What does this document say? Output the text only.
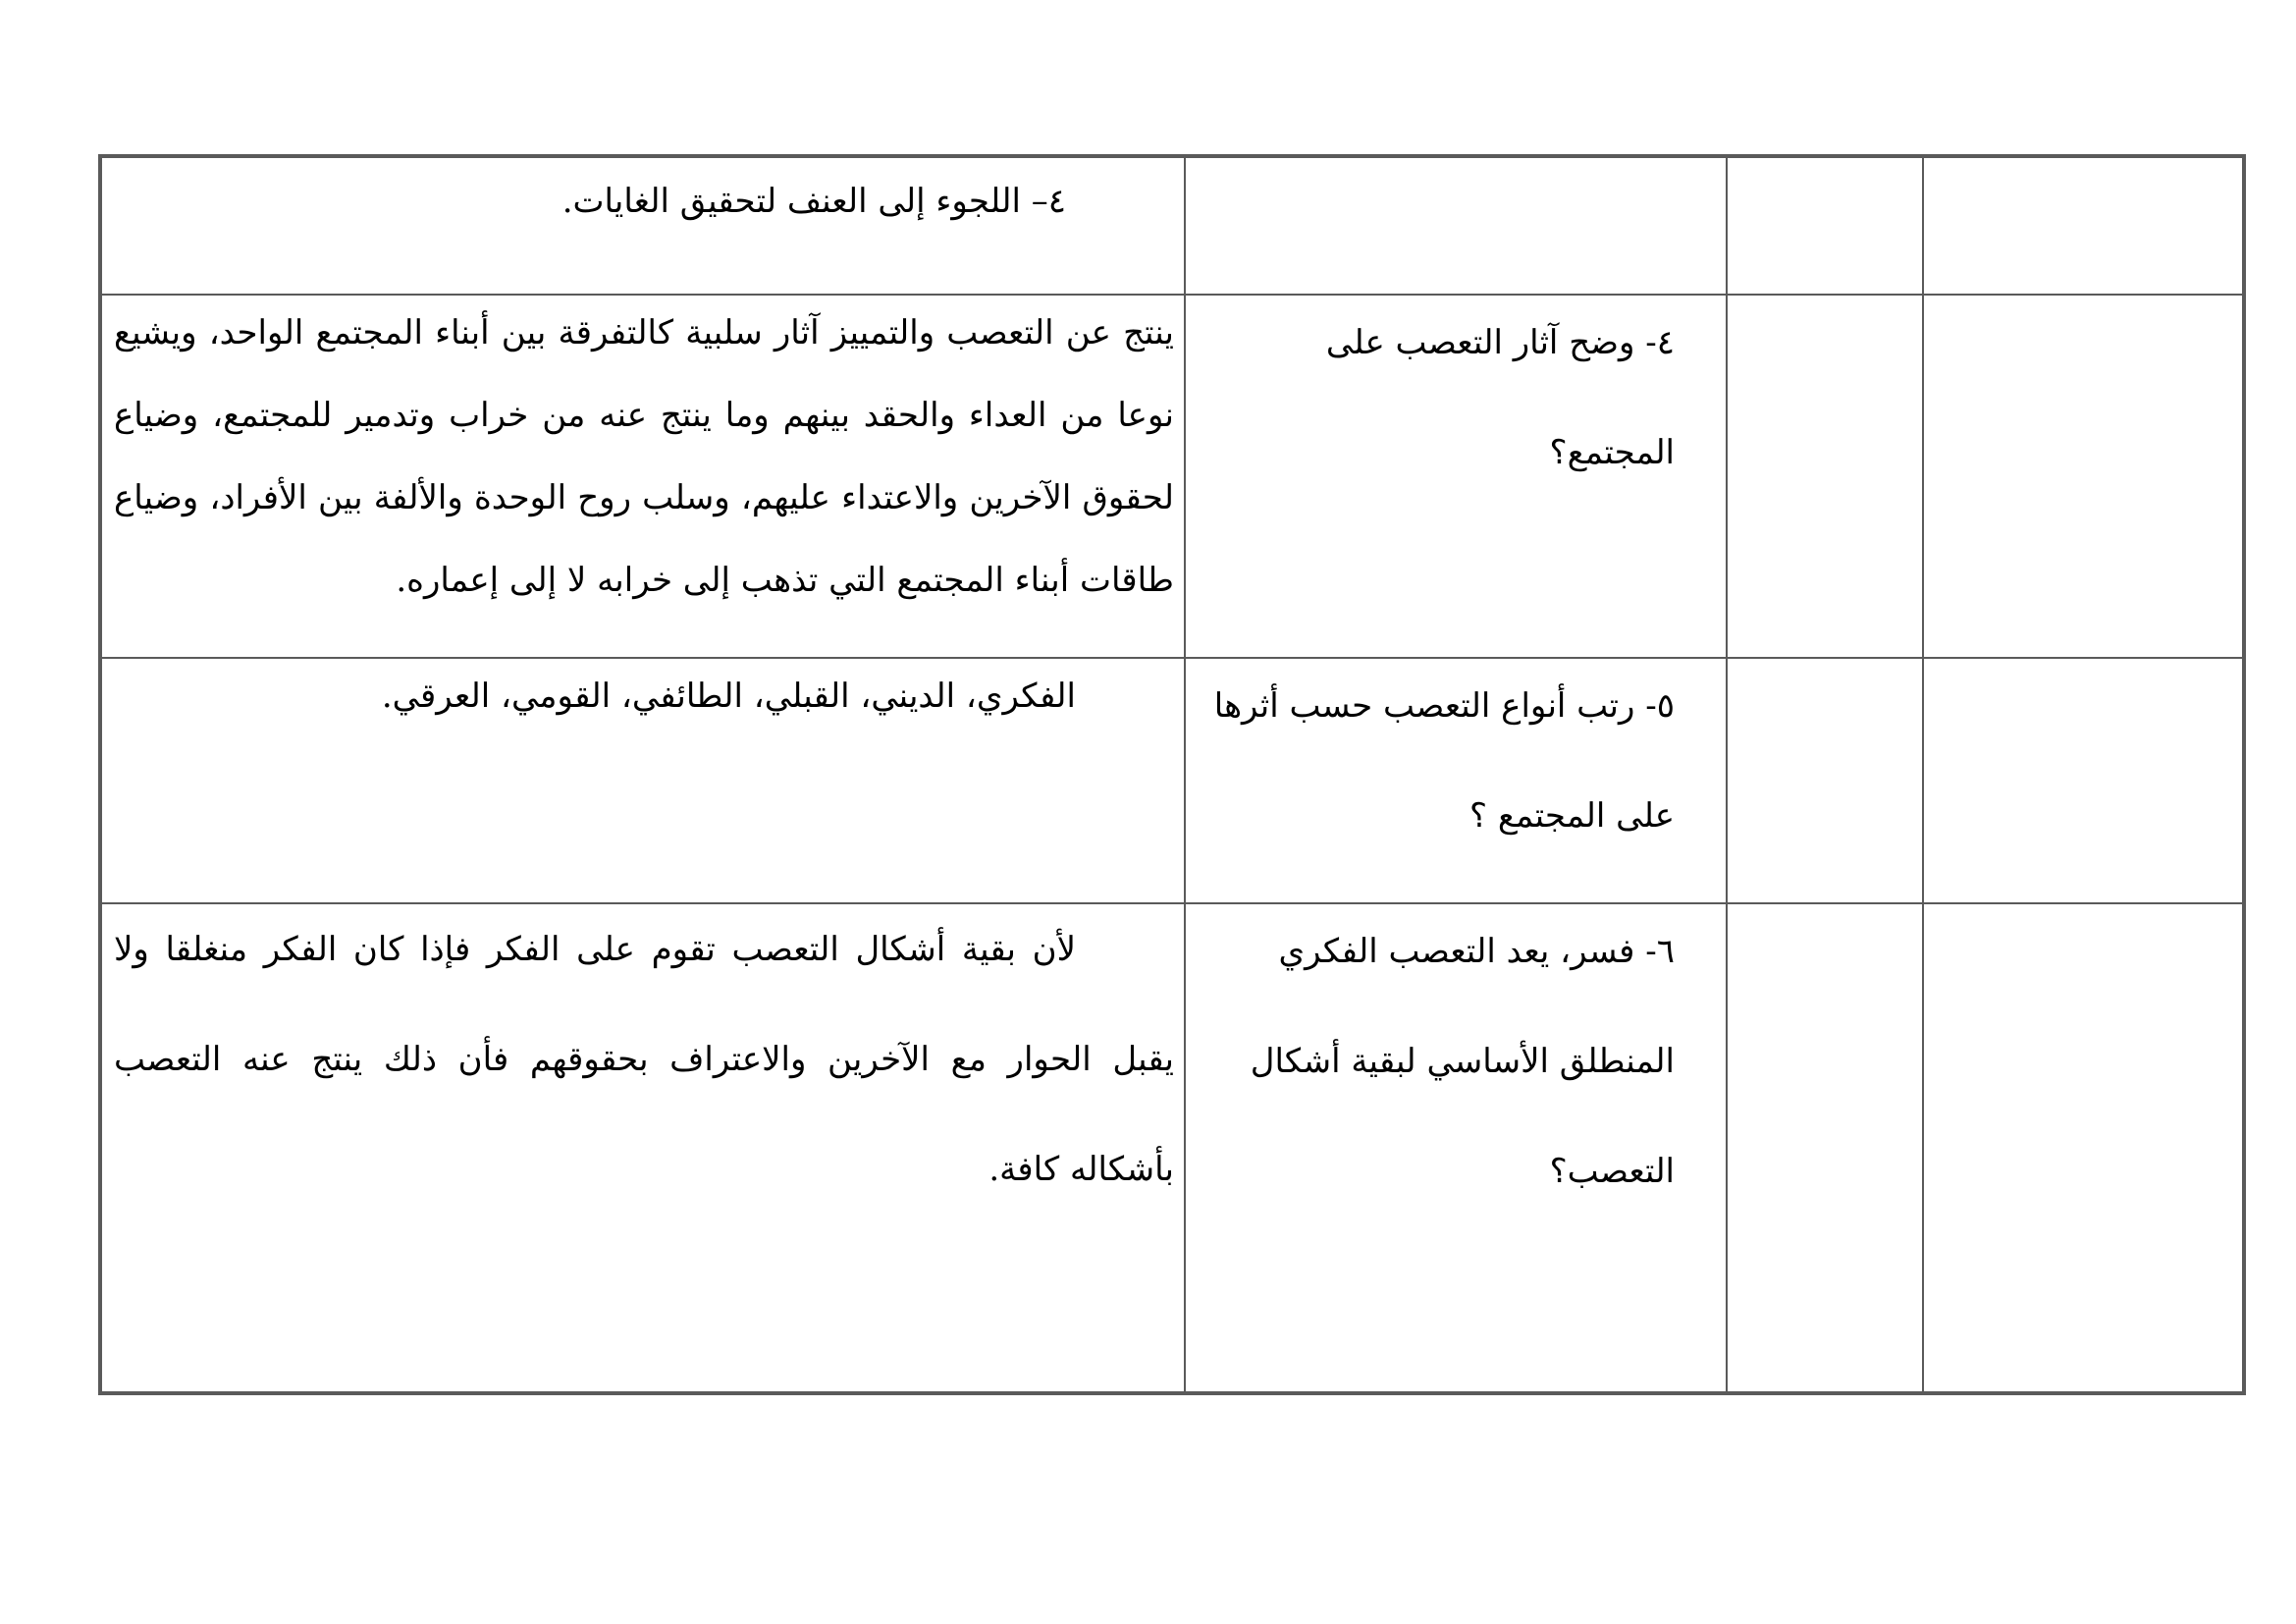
			٤– اللجوء إلى العنف لتحقيق الغايات.

		٤- وضح آثار التعصب على المجتمع؟	ينتج عن التعصب والتمييز آثار سلبية كالتفرقة بين أبناء المجتمع الواحد، ويشيع نوعا من العداء والحقد بينهم وما ينتج عنه من خراب وتدمير للمجتمع، وضياع لحقوق الآخرين والاعتداء عليهم، وسلب روح الوحدة والألفة بين الأفراد، وضياع طاقات أبناء المجتمع التي تذهب إلى خرابه لا إلى إعماره.

		٥- رتب أنواع التعصب حسب أثرها على المجتمع ؟	الفكري، الديني، القبلي، الطائفي، القومي، العرقي.

		٦- فسر، يعد التعصب الفكري المنطلق الأساسي لبقية أشكال التعصب؟	لأن بقية أشكال التعصب تقوم على الفكر فإذا كان الفكر منغلقا ولا يقبل الحوار مع الآخرين والاعتراف بحقوقهم فأن ذلك ينتج عنه التعصب بأشكاله كافة.
